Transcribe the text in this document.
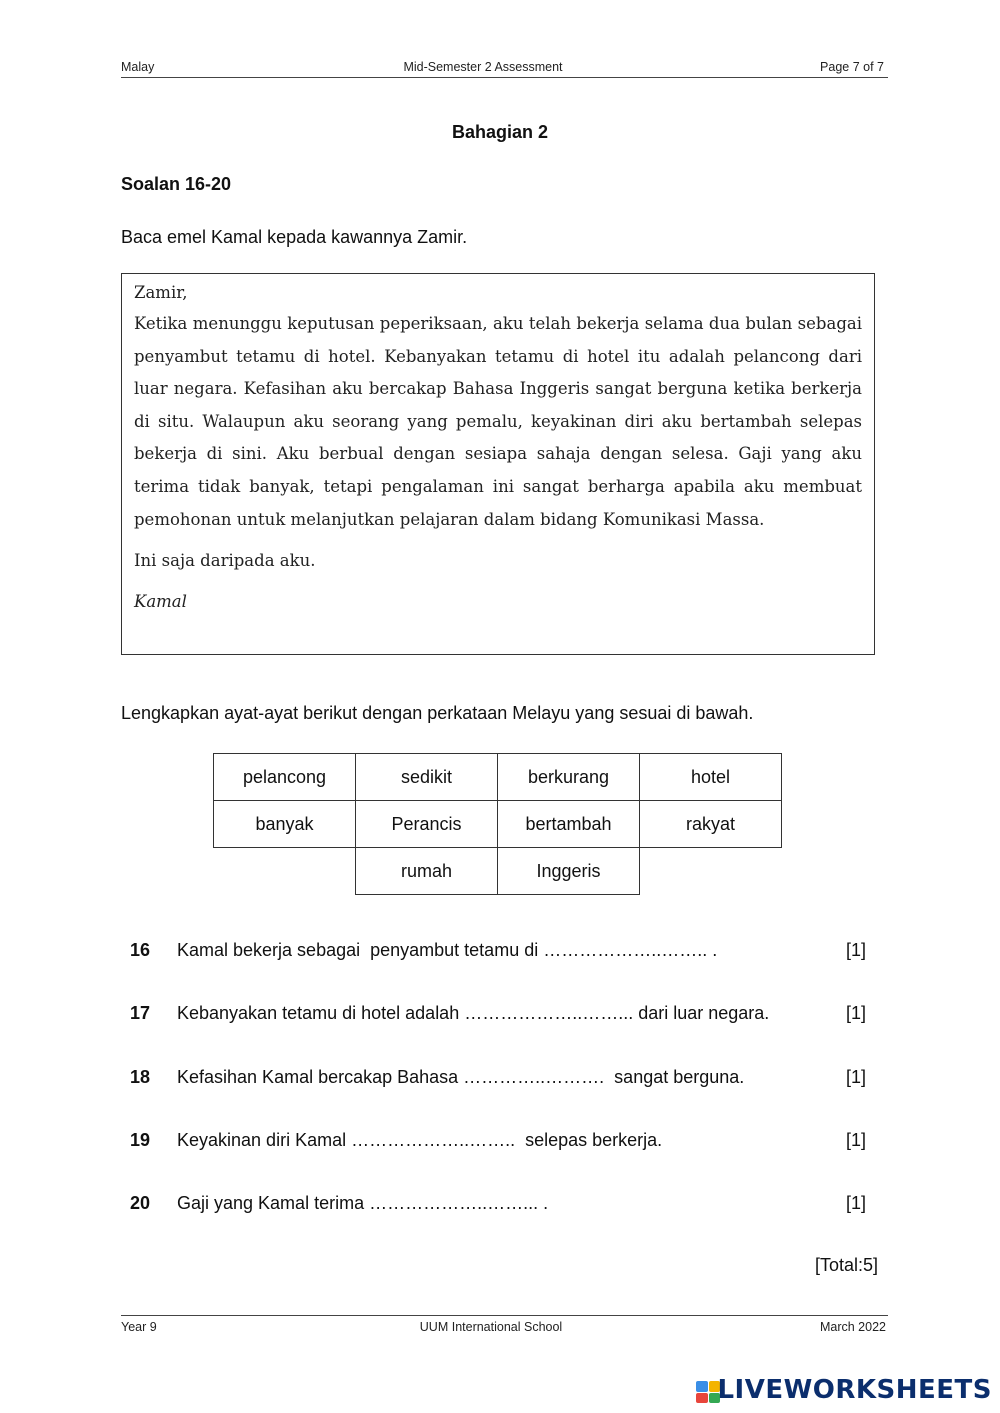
Malay	Mid-Semester 2 Assessment	Page 7 of 7
Bahagian 2
Soalan 16-20
Baca emel Kamal kepada kawannya Zamir.
Zamir,
Ketika menunggu keputusan peperiksaan, aku telah bekerja selama dua bulan sebagai penyambut tetamu di hotel. Kebanyakan tetamu di hotel itu adalah pelancong dari luar negara. Kefasihan aku bercakap Bahasa Inggeris sangat berguna ketika berkerja di situ. Walaupun aku seorang yang pemalu, keyakinan diri aku bertambah selepas bekerja di sini. Aku berbual dengan sesiapa sahaja dengan selesa. Gaji yang aku terima tidak banyak, tetapi pengalaman ini sangat berharga apabila aku membuat pemohonan untuk melanjutkan pelajaran dalam bidang Komunikasi Massa.
Ini saja daripada aku.
Kamal
Lengkapkan ayat-ayat berikut dengan perkataan Melayu yang sesuai di bawah.
pelancong	sedikit	berkurang	hotel
banyak	Perancis	bertambah	rakyat
	rumah	Inggeris	
16 Kamal bekerja sebagai  penyambut tetamu di ………………..…….. .	[1]
17 Kebanyakan tetamu di hotel adalah ………………..……... dari luar negara.	[1]
18 Kefasihan Kamal bercakap Bahasa …………..……….  sangat berguna.	[1]
19 Keyakinan diri Kamal ………………..……..  selepas berkerja.	[1]
20 Gaji yang Kamal terima ………………..……... .	[1]
[Total:5]
Year 9	UUM International School	March 2022
LIVEWORKSHEETS
